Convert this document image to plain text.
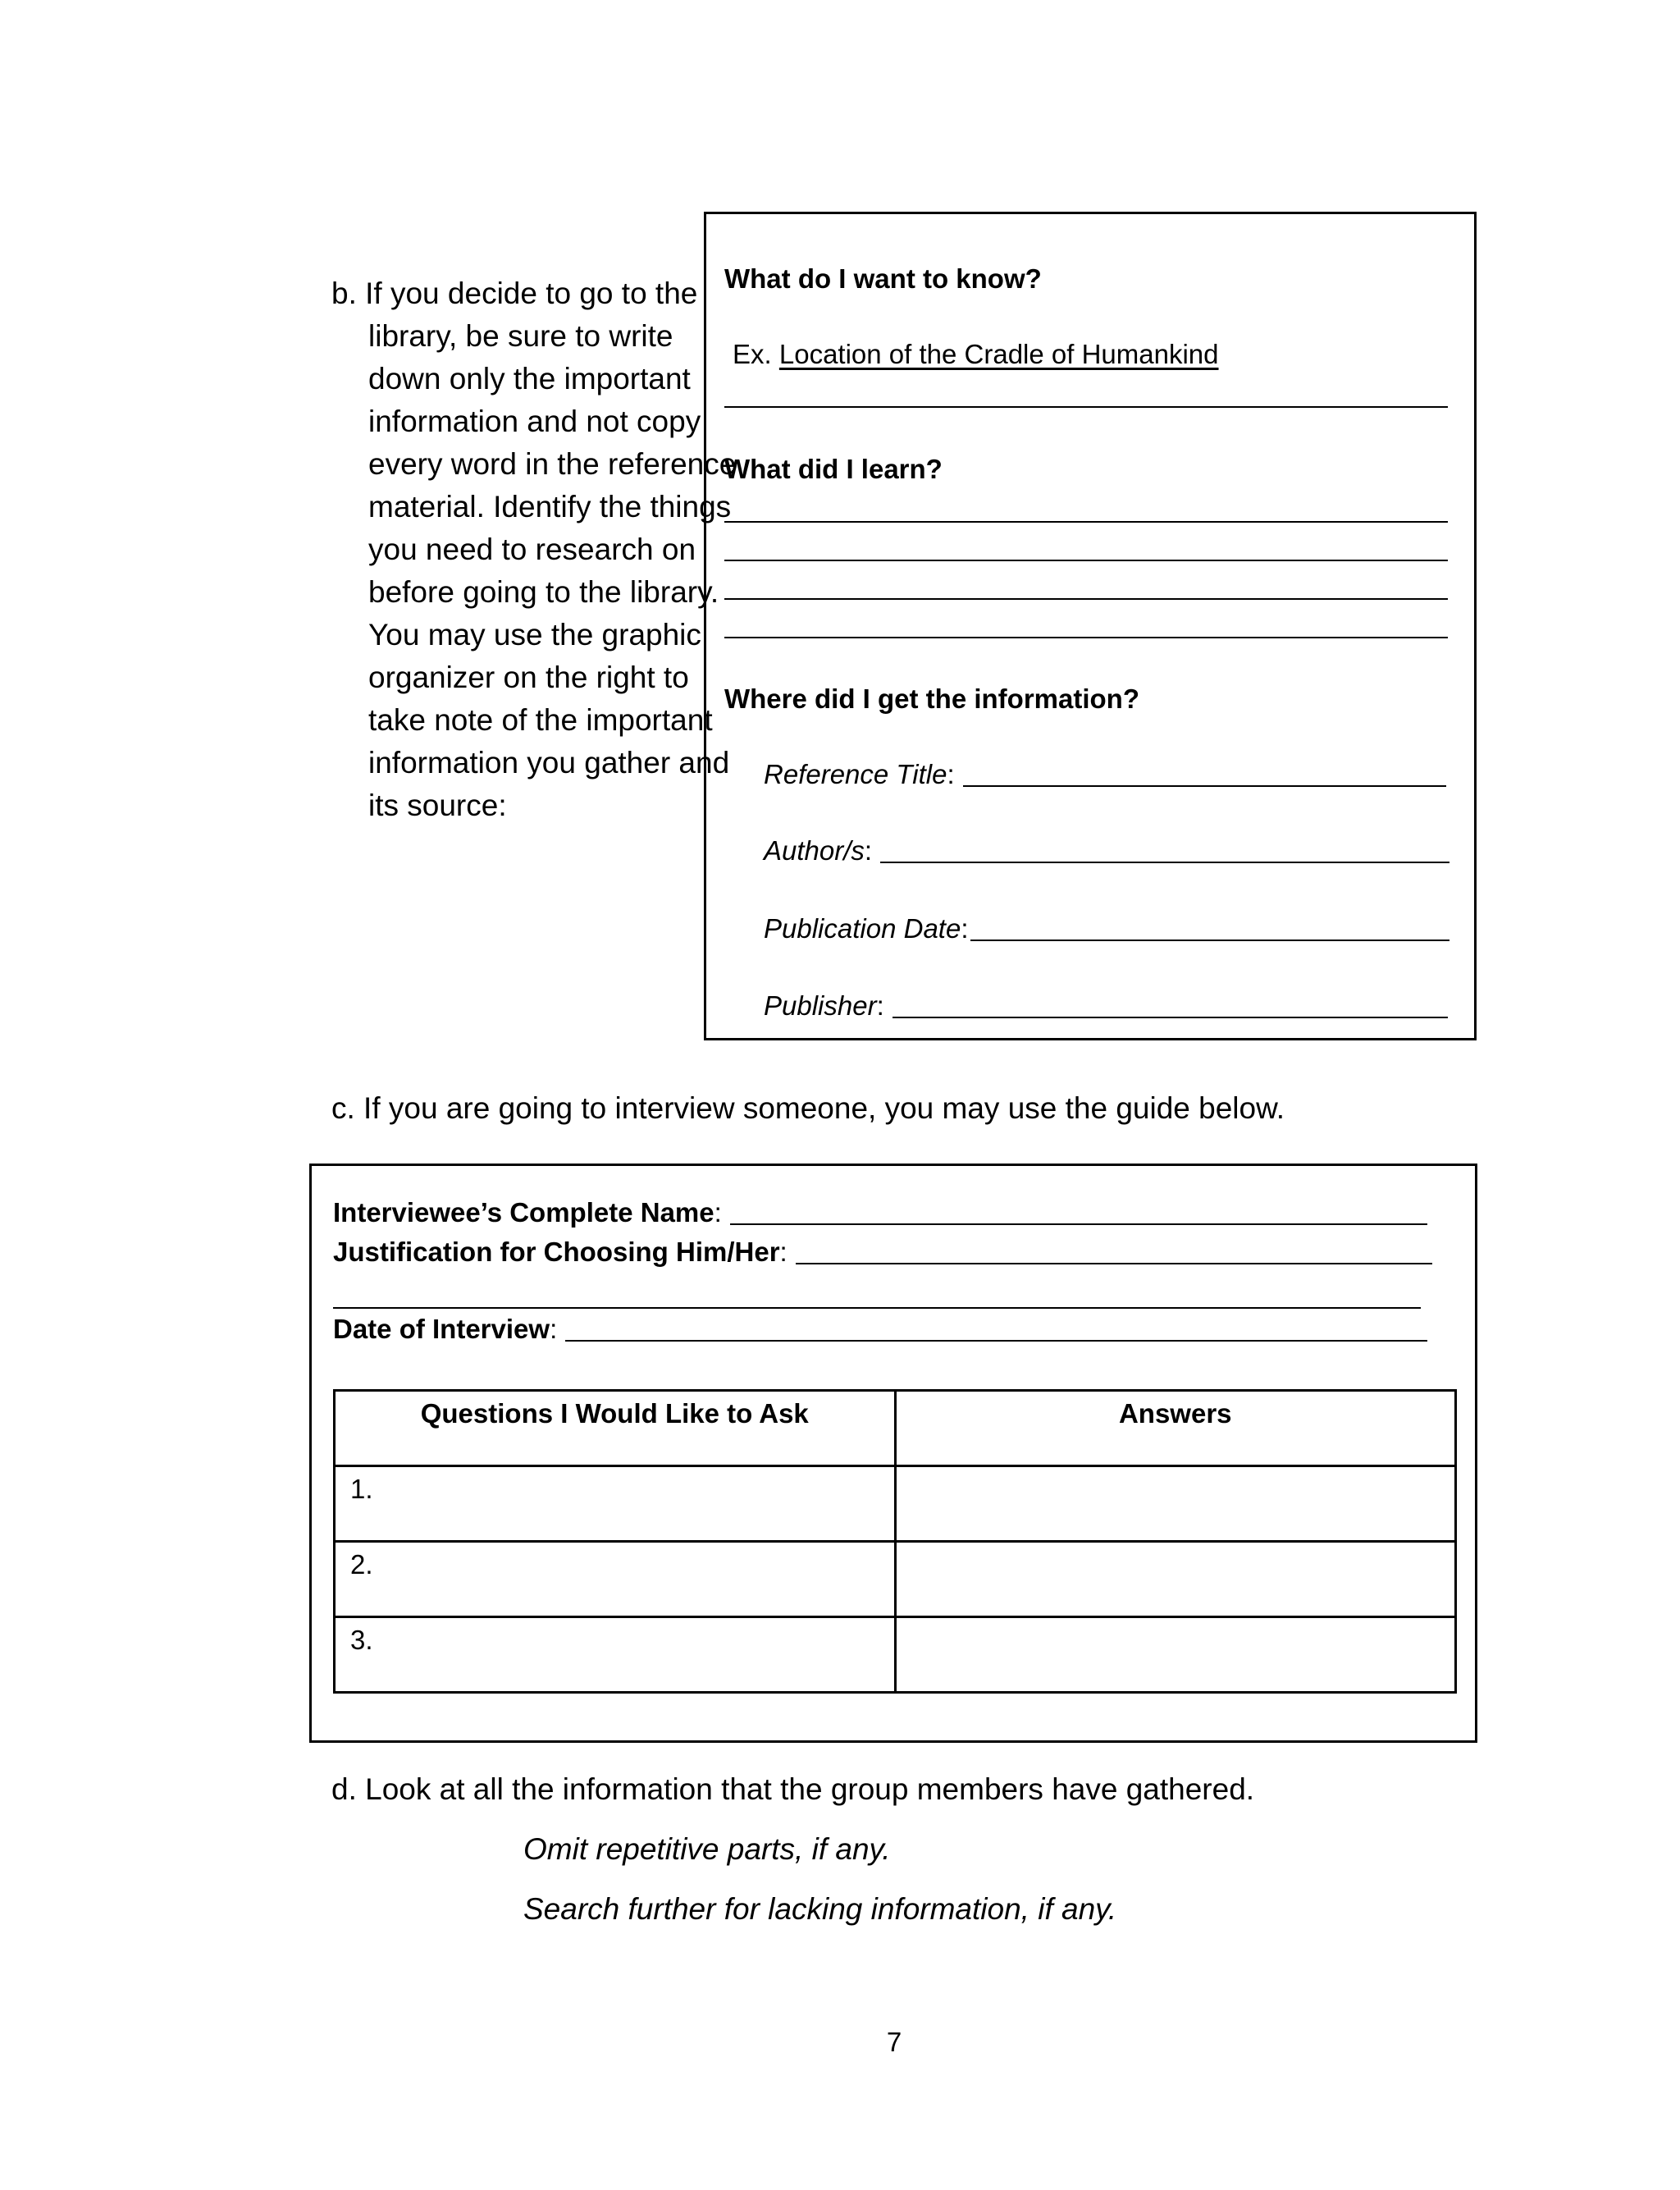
b. If you decide to go to the library, be sure to write down only the important information and not copy every word in the reference material. Identify the things you need to research on before going to the library. You may use the graphic organizer on the right to take note of the important information you gather and its source:
What do I want to know?
Ex. Location of the Cradle of Humankind
What did I learn?
Where did I get the information?
Reference Title :
Author/s :
Publication Date :
Publisher :
c. If you are going to interview someone, you may use the guide below.
Interviewee’s Complete Name :
Justification for Choosing Him/Her :
Date of Interview :
Questions I Would Like to Ask	Answers
1.	
2.	
3.	
d. Look at all the information that the group members have gathered.
Omit repetitive parts, if any.
Search further for lacking information, if any.
7
